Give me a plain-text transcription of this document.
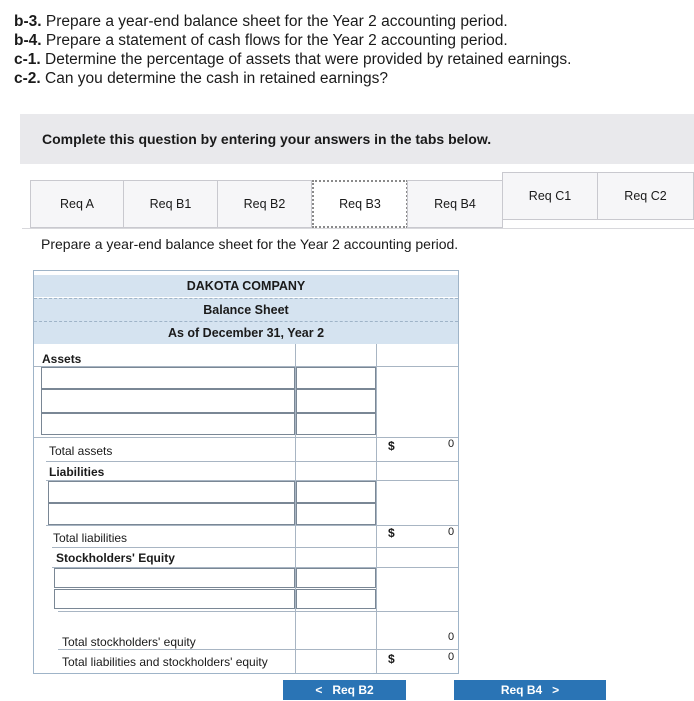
b-3. Prepare a year-end balance sheet for the Year 2 accounting period.
b-4. Prepare a statement of cash flows for the Year 2 accounting period.
c-1. Determine the percentage of assets that were provided by retained earnings.
c-2. Can you determine the cash in retained earnings?
Complete this question by entering your answers in the tabs below.
Req A	Req B1	Req B2	Req B3	Req B4
Req C1	Req C2
Prepare a year-end balance sheet for the Year 2 accounting period.
DAKOTA COMPANY
Balance Sheet
As of December 31, Year 2
Assets
Total assets	$	0
Liabilities
Total liabilities	$	0
Stockholders' Equity
Total stockholders' equity	0
Total liabilities and stockholders' equity	$	0
< Req B2	Req B4 >
